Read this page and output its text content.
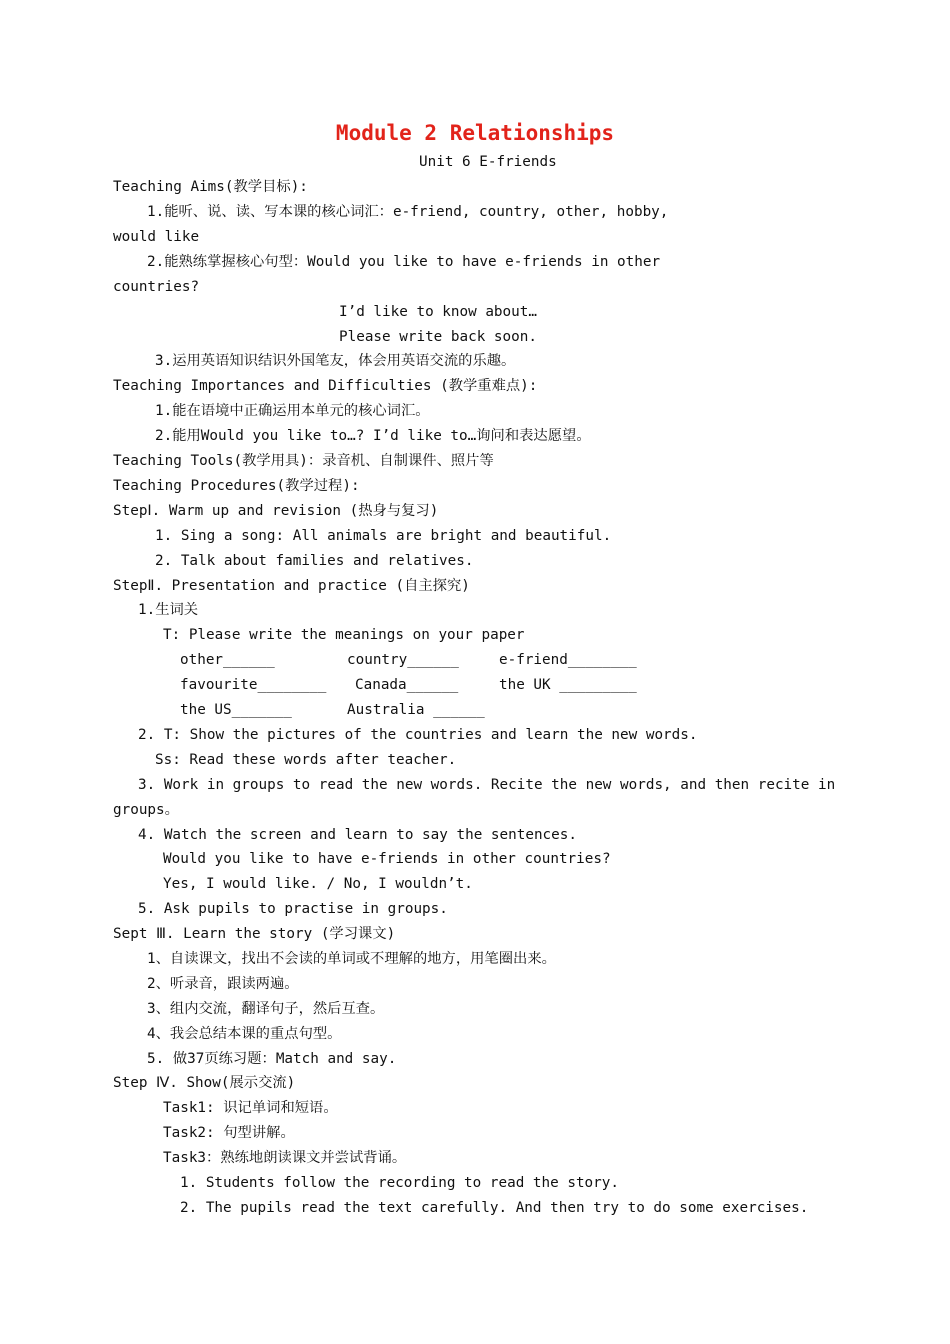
Module 2 Relationships
Unit 6 E-friends
Teaching Aims(教学目标):
1.能听、说、读、写本课的核心词汇：e-friend, country, other, hobby,
would like
2.能熟练掌握核心句型：Would you like to have e-friends in other
countries?
I’d like to know about…
Please write back soon.
3.运用英语知识结识外国笔友，体会用英语交流的乐趣。
Teaching Importances and Difficulties (教学重难点):
1.能在语境中正确运用本单元的核心词汇。
2.能用Would you like to…? I’d like to…询问和表达愿望。
Teaching Tools(教学用具)：录音机、自制课件、照片等
Teaching Procedures(教学过程):
StepⅠ. Warm up and revision (热身与复习)
1. Sing a song: All animals are bright and beautiful.
2. Talk about families and relatives.
StepⅡ. Presentation and practice (自主探究)
1.生词关
T: Please write the meanings on your paper
other______	country______	e-friend________
favourite________ Canada______	the UK _________
the US_______	Australia ______
2. T: Show the pictures of the countries and learn the new words.
Ss: Read these words after teacher.
3. Work in groups to read the new words. Recite the new words, and then recite in
groups。
4. Watch the screen and learn to say the sentences.
Would you like to have e-friends in other countries?
Yes, I would like. / No, I wouldn’t.
5. Ask pupils to practise in groups.
Sept Ⅲ. Learn the story (学习课文)
1、自读课文，找出不会读的单词或不理解的地方，用笔圈出来。
2、听录音，跟读两遍。
3、组内交流，翻译句子，然后互查。
4、我会总结本课的重点句型。
5. 做37页练习题：Match and say.
Step Ⅳ. Show(展示交流)
Task1: 识记单词和短语。
Task2: 句型讲解。
Task3：熟练地朗读课文并尝试背诵。
1. Students follow the recording to read the story.
2. The pupils read the text carefully. And then try to do some exercises.
